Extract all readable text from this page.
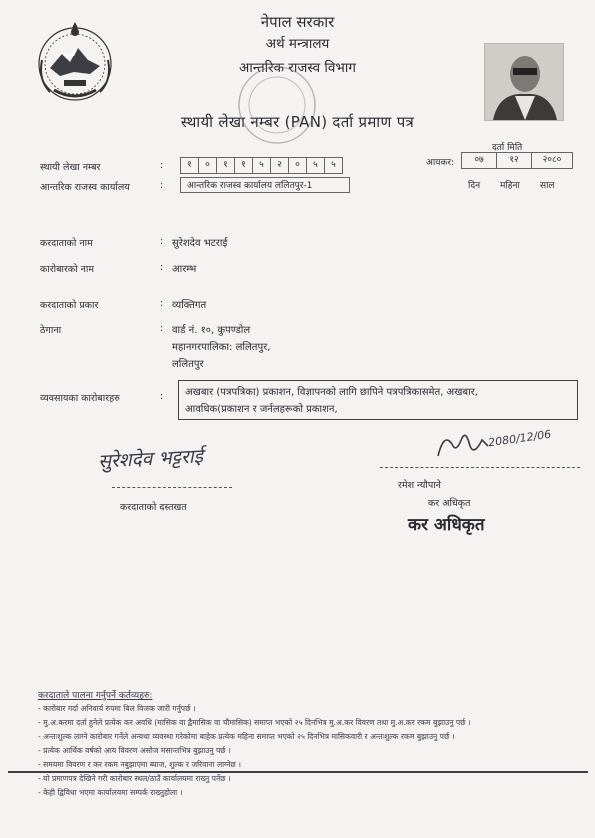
नेपाल सरकार
अर्थ मन्त्रालय
आन्तरिक राजस्व विभाग
स्थायी लेखा नम्बर (PAN) दर्ता प्रमाण पत्र
दर्ता मिति
आयकर:	०७	१२	२०८०
दिन महिना साल
स्थायी लेखा नम्बर	:	१	०	१	१	५	२	०	५	५
आन्तरिक राजस्व कार्यालय	:	आन्तरिक राजस्व कार्यालय ललितपुर-1
करदाताको नाम	: सुरेशदेव भटराई
कारोबारको नाम	: आरम्भ
करदाताको प्रकार	: व्यक्तिगत
ठेगाना	: वार्ड नं. १०, कुपण्डोल
महानगरपालिका: ललितपुर,
ललितपुर
व्यवसायका कारोबारहरु	: अखबार (पत्रपत्रिका) प्रकाशन, विज्ञापनको लागि छापिने पत्रपत्रिकासमेत, अखबार,
आवधिक(प्रकाशन र जर्नलहरूको प्रकाशन,
सुरेशदेव भट्टराई
करदाताको दस्तखत
2080/12/06
रमेश न्यौपाने
कर अधिकृत
कर अधिकृत
करदाताले पालना गर्नुपर्ने कर्तव्यहरु:
- कारोबार गर्दा अनिवार्य रुपमा बिल विजक जारी गर्नुपर्छ ।
- मु.अ.करमा दर्ता हुनेले प्रत्येक कर अवधि (मासिक वा द्वैमासिक वा चौमासिक) समाप्त भएको २५ दिनभित्र मु.अ.कर विवरण तथा मु.अ.कर रकम बुझाउनु पर्छ ।
- अन्तःशुल्क लाग्ने कारोबार गर्नेले अन्यथा व्यवस्था गरेकोमा बाहेक प्रत्येक महिना समाप्त भएको २५ दिनभित्र मासिकवारी र अन्तःशुल्क रकम बुझाउनु पर्छ ।
- प्रत्येक आर्थिक वर्षको आय विवरण असोज मसान्तभित्र बुझाउनु पर्छ ।
- समयमा विवरण र कर रकम नबुझाएमा ब्याज, शुल्क र जरिवाना लाग्नेछ ।
- यो प्रमाणपत्र देखिने गरी कारोबार स्थल/ठाउँ कार्यालयमा राख्नु पर्नेछ ।
- केही द्विविधा भएमा कार्यालयमा सम्पर्क राख्नुहोला ।
